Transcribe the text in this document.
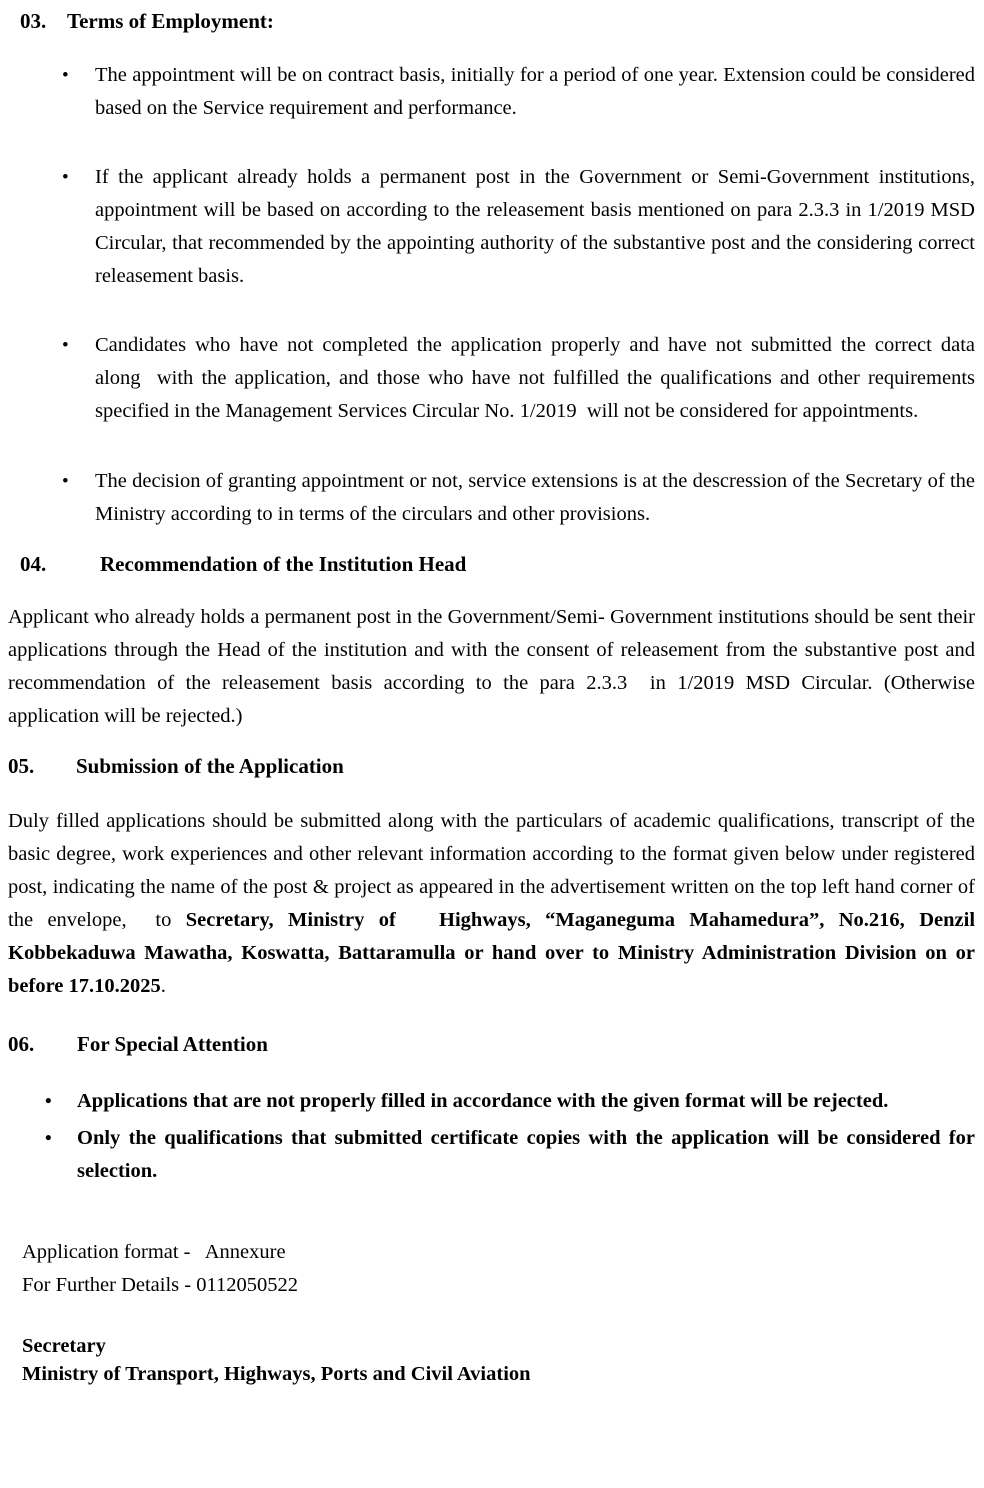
03. Terms of Employment:
• The appointment will be on contract basis, initially for a period of one year. Extension could be considered based on the Service requirement and performance.
• If the applicant already holds a permanent post in the Government or Semi-Government institutions, appointment will be based on according to the releasement basis mentioned on para 2.3.3 in 1/2019 MSD Circular, that recommended by the appointing authority of the substantive post and the considering correct releasement basis.
• Candidates who have not completed the application properly and have not submitted the correct data along  with the application, and those who have not fulfilled the qualifications and other requirements specified in the Management Services Circular No. 1/2019  will not be considered for appointments.
• The decision of granting appointment or not, service extensions is at the descression of the Secretary of the Ministry according to in terms of the circulars and other provisions.
04.	Recommendation of the Institution Head

Applicant who already holds a permanent post in the Government/Semi- Government institutions should be sent their applications through the Head of the institution and with the consent of releasement from the substantive post and recommendation of the releasement basis according to the para 2.3.3  in 1/2019 MSD Circular. (Otherwise application will be rejected.)

05.	Submission of the Application

Duly filled applications should be submitted along with the particulars of academic qualifications, transcript of the basic degree, work experiences and other relevant information according to the format given below under registered post, indicating the name of the post & project as appeared in the advertisement written on the top left hand corner of the envelope,  to Secretary, Ministry of   Highways, “Maganeguma Mahamedura”, No.216, Denzil Kobbekaduwa Mawatha, Koswatta, Battaramulla or hand over to Ministry Administration Division on or before 17.10.2025.

06.	For Special Attention
• Applications that are not properly filled in accordance with the given format will be rejected.
• Only the qualifications that submitted certificate copies with the application will be considered for selection.
Application format -   Annexure
For Further Details - 0112050522
Secretary
Ministry of Transport, Highways, Ports and Civil Aviation
